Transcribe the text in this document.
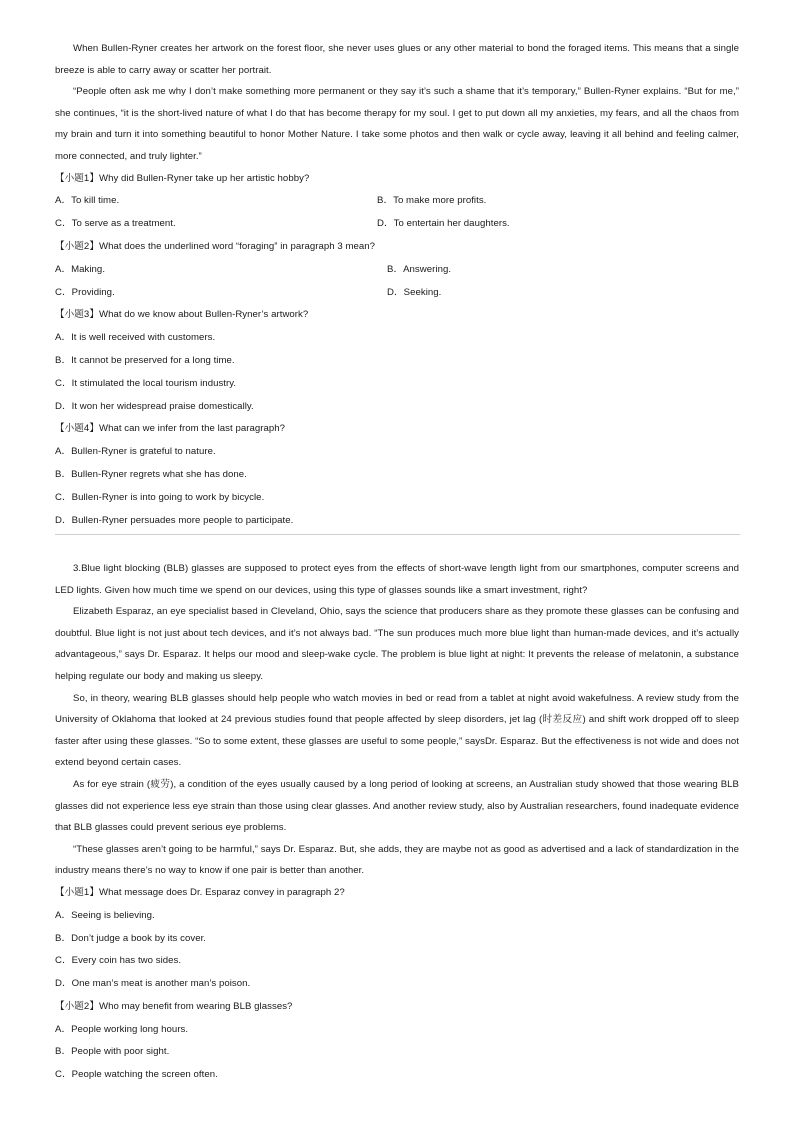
When Bullen-Ryner creates her artwork on the forest floor, she never uses glues or any other material to bond the foraged items. This means that a single breeze is able to carry away or scatter her portrait.

“People often ask me why I don’t make something more permanent or they say it’s such a shame that it’s temporary,” Bullen-Ryner explains. “But for me,” she continues, “it is the short-lived nature of what I do that has become therapy for my soul. I get to put down all my anxieties, my fears, and all the chaos from my brain and turn it into something beautiful to honor Mother Nature. I take some photos and then walk or cycle away, leaving it all behind and feeling calmer, more connected, and truly lighter.”

【小题1】Why did Bullen-Ryner take up her artistic hobby?

A．To kill time.	B．To make more profits.
C．To serve as a treatment.	D．To entertain her daughters.

【小题2】What does the underlined word “foraging” in paragraph 3 mean?

A．Making.	B．Answering.
C．Providing.	D．Seeking.

【小题3】What do we know about Bullen-Ryner’s artwork?

A．It is well received with customers.

B．It cannot be preserved for a long time.

C．It stimulated the local tourism industry.

D．It won her widespread praise domestically.

【小题4】What can we infer from the last paragraph?

A．Bullen-Ryner is grateful to nature.

B．Bullen-Ryner regrets what she has done.

C．Bullen-Ryner is into going to work by bicycle.

D．Bullen-Ryner persuades more people to participate.

3.Blue light blocking (BLB) glasses are supposed to protect eyes from the effects of short-wave length light from our smartphones, computer screens and LED lights. Given how much time we spend on our devices, using this type of glasses sounds like a smart investment, right?

Elizabeth Esparaz, an eye specialist based in Cleveland, Ohio, says the science that producers share as they promote these glasses can be confusing and doubtful. Blue light is not just about tech devices, and it’s not always bad. “The sun produces much more blue light than human-made devices, and it’s actually advantageous,” says Dr. Esparaz. It helps our mood and sleep-wake cycle. The problem is blue light at night: It prevents the release of melatonin, a substance helping regulate our body and making us sleepy.

So, in theory, wearing BLB glasses should help people who watch movies in bed or read from a tablet at night avoid wakefulness. A review study from the University of Oklahoma that looked at 24 previous studies found that people affected by sleep disorders, jet lag (时差反应) and shift work dropped off to sleep faster after using these glasses. “So to some extent, these glasses are useful to some people,” saysDr. Esparaz. But the effectiveness is not wide and does not extend beyond certain cases.

As for eye strain (疲劳), a condition of the eyes usually caused by a long period of looking at screens, an Australian study showed that those wearing BLB glasses did not experience less eye strain than those using clear glasses. And another review study, also by Australian researchers, found inadequate evidence that BLB glasses could prevent serious eye problems.

“These glasses aren’t going to be harmful,” says Dr. Esparaz. But, she adds, they are maybe not as good as advertised and a lack of standardization in the industry means there’s no way to know if one pair is better than another.

【小题1】What message does Dr. Esparaz convey in paragraph 2?

A．Seeing is believing.

B．Don’t judge a book by its cover.

C．Every coin has two sides.

D．One man’s meat is another man’s poison.

【小题2】Who may benefit from wearing BLB glasses?

A．People working long hours.

B．People with poor sight.

C．People watching the screen often.
